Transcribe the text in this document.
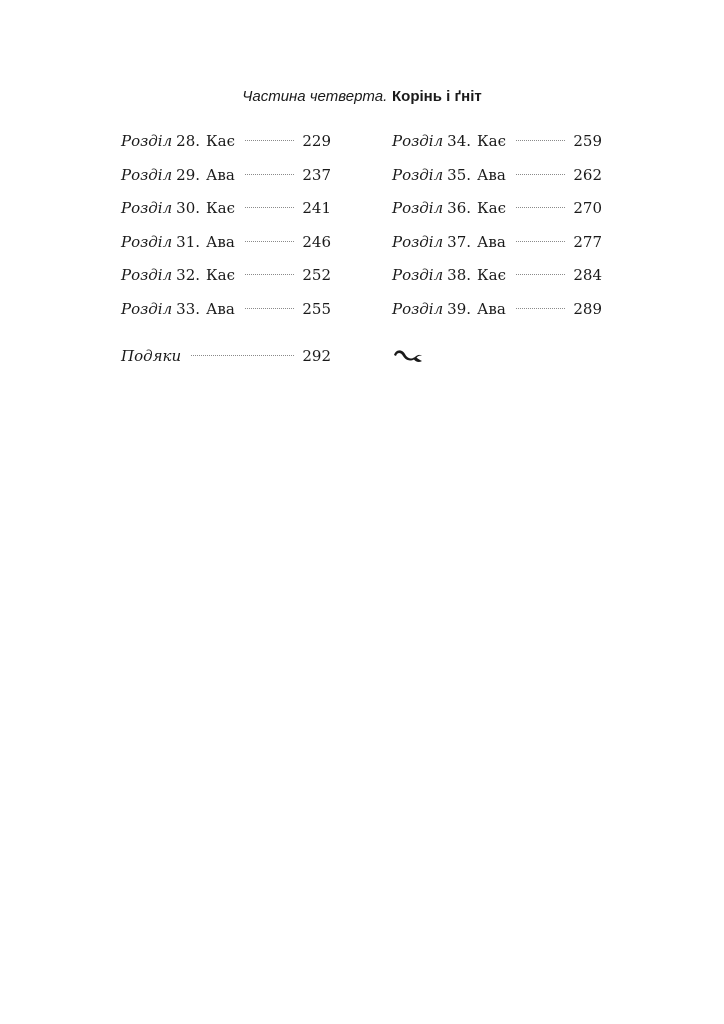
Частина четверта. Корінь і ґніт
Розділ 28. Кає	229
Розділ 29. Ава	237
Розділ 30. Кає	241
Розділ 31. Ава	246
Розділ 32. Кає	252
Розділ 33. Ава	255
Розділ 34. Кає	259
Розділ 35. Ава	262
Розділ 36. Кає	270
Розділ 37. Ава	277
Розділ 38. Кає	284
Розділ 39. Ава	289
Подяки	292
